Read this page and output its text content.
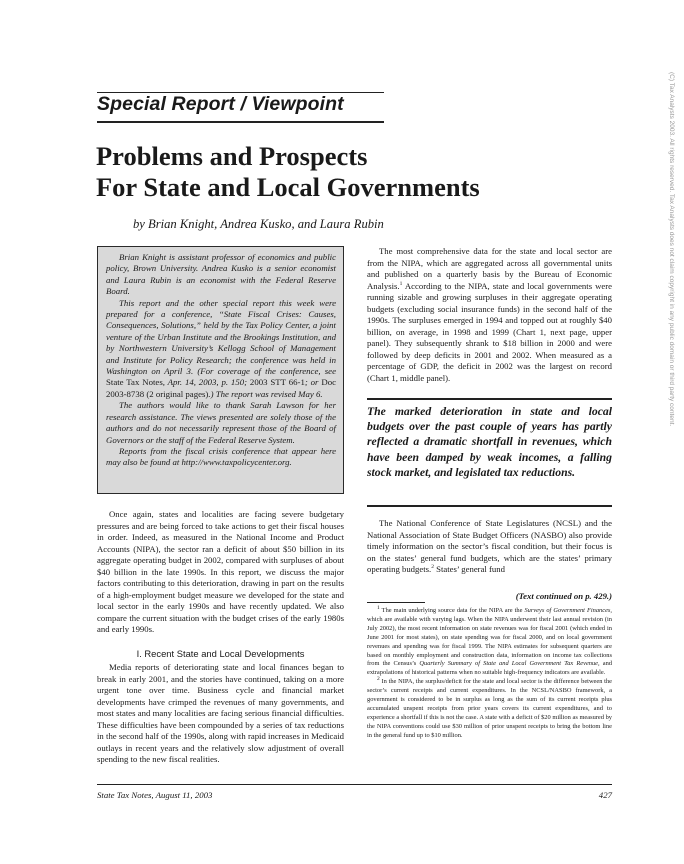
Special Report / Viewpoint
Problems and Prospects
For State and Local Governments
by Brian Knight, Andrea Kusko, and Laura Rubin

Brian Knight is assistant professor of economics and public policy, Brown University. Andrea Kusko is a senior economist and Laura Rubin is an economist with the Federal Reserve Board.

This report and the other special report this week were prepared for a conference, “State Fiscal Crises: Causes, Consequences, Solutions,” held by the Tax Policy Center, a joint venture of the Urban Institute and the Brookings Institution, and by Northwestern University’s Kellogg School of Management and Institute for Policy Research; the conference was held in Washington on April 3. (For coverage of the conference, see State Tax Notes, Apr. 14, 2003, p. 150; 2003 STT 66-1; or Doc 2003-8738 (2 original pages).) The report was revised May 6.

The authors would like to thank Sarah Lawson for her research assistance. The views presented are solely those of the authors and do not necessarily represent those of the Board of Governors or the staff of the Federal Reserve System.

Reports from the fiscal crisis conference that appear here may also be found at http://www.taxpolicycenter.org.

Once again, states and localities are facing severe budgetary pressures and are being forced to take actions to get their fiscal houses in order. Indeed, as measured in the National Income and Product Accounts (NIPA), the sector ran a deficit of about $50 billion in its aggregate operating budget in 2002, compared with surpluses of about $40 billion in the late 1990s. In this report, we discuss the major factors contributing to this deterioration, drawing in part on the results of a high-employment budget measure we developed for the state and local sector in the early 1990s and have recently updated. We also compare the current situation with the budget crises of the early 1980s and early 1990s.

I. Recent State and Local Developments

Media reports of deteriorating state and local finances began to break in early 2001, and the stories have continued, taking on a more urgent tone over time. Business cycle and financial market developments have crimped the revenues of many governments, and most states and many localities are facing serious financial difficulties. These difficulties have been compounded by a series of tax reductions in the second half of the 1990s, along with rapid increases in Medicaid outlays in recent years and the relatively slow adjustment of overall spending to the new fiscal realities.

The most comprehensive data for the state and local sector are from the NIPA, which are aggregated across all governmental units and published on a quarterly basis by the Bureau of Economic Analysis.$^1$ According to the NIPA, state and local governments were running sizable and growing surpluses in their aggregate operating budgets (excluding social insurance funds) in the second half of the 1990s. The surpluses emerged in 1994 and topped out at roughly $40 billion, on average, in 1998 and 1999 (Chart 1, next page, upper panel). They subsequently shrank to $18 billion in 2000 and were followed by deep deficits in 2001 and 2002. When measured as a percentage of GDP, the deficit in 2002 was the largest on record (Chart 1, middle panel).

The marked deterioration in state and local budgets over the past couple of years has partly reflected a dramatic shortfall in revenues, which have been damped by weak incomes, a falling stock market, and legislated tax reductions.

The National Conference of State Legislatures (NCSL) and the National Association of State Budget Officers (NASBO) also provide timely information on the sector’s fiscal condition, but their focus is on the states’ general fund budgets, which are the states’ primary operating budgets.$^2$ States’ general fund

(Text continued on p. 429.)

$^1$ The main underlying source data for the NIPA are the Surveys of Government Finances, which are available with varying lags. When the NIPA underwent their last annual revision (in July 2002), the most recent information on state revenues was for fiscal 2001 (which ended in June 2001 for most states), on state spending was for fiscal 2000, and on local government revenues and spending was for fiscal 1999. The NIPA estimates for subsequent quarters are based on monthly employment and construction data, information on income tax collections from the Census’s Quarterly Summary of State and Local Government Tax Revenue, and extrapolations of historical patterns when no suitable high-frequency indicators are available.

$^2$ In the NIPA, the surplus/deficit for the state and local sector is the difference between the sector’s current receipts and current expenditures. In the NCSL/NASBO framework, a government is considered to be in surplus as long as the sum of its current receipts plus accumulated unspent receipts from prior years covers its current expenditures, and to experience a shortfall if this is not the case. A state with a deficit of $20 million as measured by the NIPA conventions could use $30 million of prior unspent receipts to bring the bottom line in the general fund up to $10 million.

State Tax Notes, August 11, 2003	427
(C) Tax Analysts 2003. All rights reserved. Tax Analysts does not claim copyright in any public domain or third party content.
